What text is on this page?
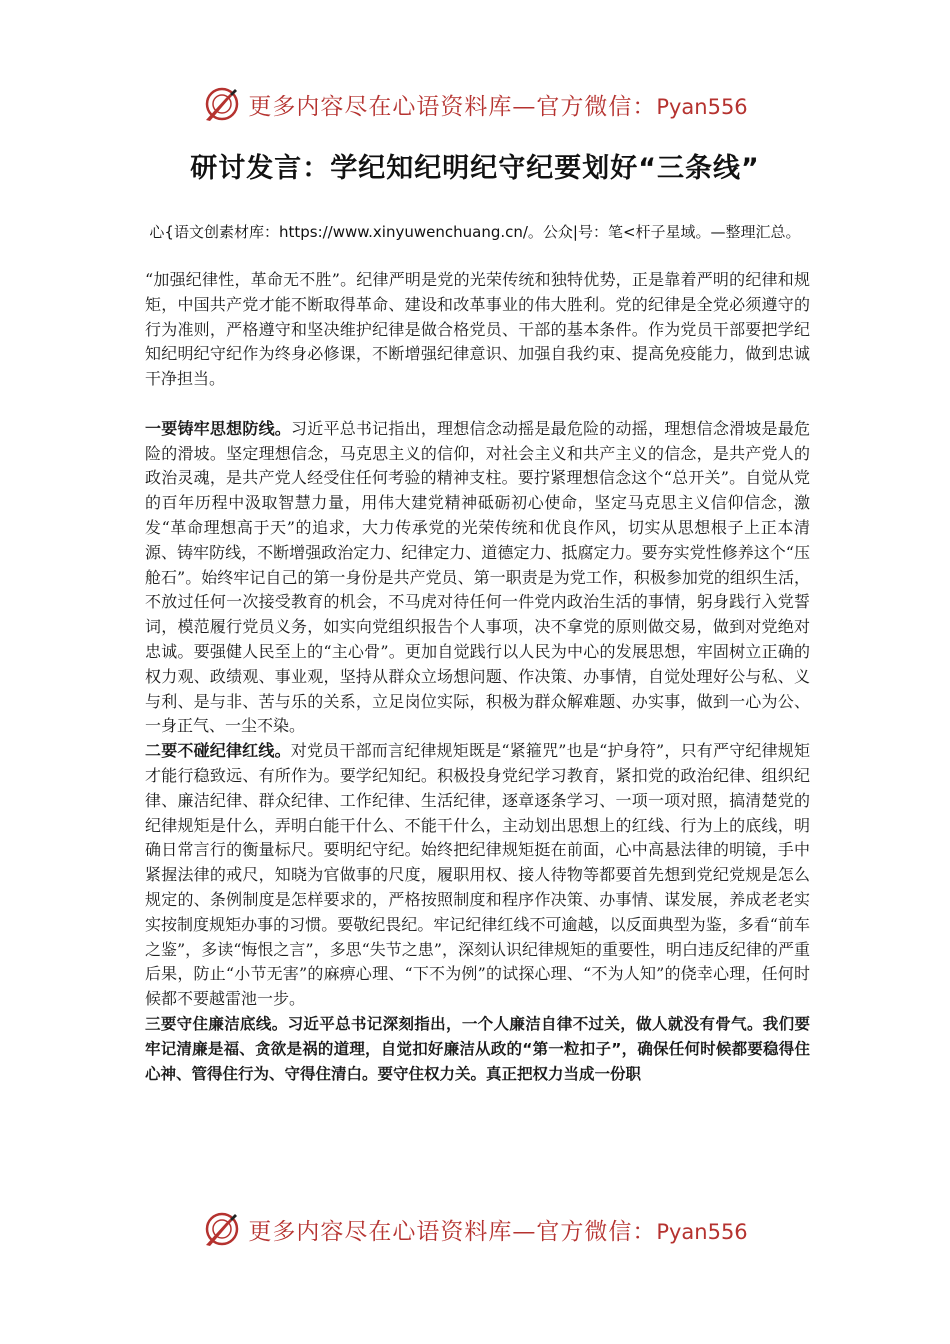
更多内容尽在心语资料库—官方微信：Pyan556
研讨发言：学纪知纪明纪守纪要划好“三条线”
心{语文创素材库：https://www.xinyuwenchuang.cn/。公众|号：笔<杆子星域。—整理汇总。

“加强纪律性，革命无不胜”。纪律严明是党的光荣传统和独特优势，正是靠着严明的纪律和规矩，中国共产党才能不断取得革命、建设和改革事业的伟大胜利。党的纪律是全党必须遵守的行为准则，严格遵守和坚决维护纪律是做合格党员、干部的基本条件。作为党员干部要把学纪知纪明纪守纪作为终身必修课，不断增强纪律意识、加强自我约束、提高免疫能力，做到忠诚干净担当。

一要铸牢思想防线。习近平总书记指出，理想信念动摇是最危险的动摇，理想信念滑坡是最危险的滑坡。坚定理想信念，马克思主义的信仰，对社会主义和共产主义的信念，是共产党人的政治灵魂，是共产党人经受住任何考验的精神支柱。要拧紧理想信念这个“总开关”。自觉从党的百年历程中汲取智慧力量，用伟大建党精神砥砺初心使命，坚定马克思主义信仰信念，激发“革命理想高于天”的追求，大力传承党的光荣传统和优良作风，切实从思想根子上正本清源、铸牢防线，不断增强政治定力、纪律定力、道德定力、抵腐定力。要夯实党性修养这个“压舱石”。始终牢记自己的第一身份是共产党员、第一职责是为党工作，积极参加党的组织生活，不放过任何一次接受教育的机会，不马虎对待任何一件党内政治生活的事情，躬身践行入党誓词，模范履行党员义务，如实向党组织报告个人事项，决不拿党的原则做交易，做到对党绝对忠诚。要强健人民至上的“主心骨”。更加自觉践行以人民为中心的发展思想，牢固树立正确的权力观、政绩观、事业观，坚持从群众立场想问题、作决策、办事情，自觉处理好公与私、义与利、是与非、苦与乐的关系，立足岗位实际，积极为群众解难题、办实事，做到一心为公、一身正气、一尘不染。

二要不碰纪律红线。对党员干部而言纪律规矩既是“紧箍咒”也是“护身符”，只有严守纪律规矩才能行稳致远、有所作为。要学纪知纪。积极投身党纪学习教育，紧扣党的政治纪律、组织纪律、廉洁纪律、群众纪律、工作纪律、生活纪律，逐章逐条学习、一项一项对照，搞清楚党的纪律规矩是什么，弄明白能干什么、不能干什么，主动划出思想上的红线、行为上的底线，明确日常言行的衡量标尺。要明纪守纪。始终把纪律规矩挺在前面，心中高悬法律的明镜，手中紧握法律的戒尺，知晓为官做事的尺度，履职用权、接人待物等都要首先想到党纪党规是怎么规定的、条例制度是怎样要求的，严格按照制度和程序作决策、办事情、谋发展，养成老老实实按制度规矩办事的习惯。要敬纪畏纪。牢记纪律红线不可逾越，以反面典型为鉴，多看“前车之鉴”，多读“悔恨之言”，多思“失节之患”，深刻认识纪律规矩的重要性，明白违反纪律的严重后果，防止“小节无害”的麻痹心理、“下不为例”的试探心理、“不为人知”的侥幸心理，任何时候都不要越雷池一步。

三要守住廉洁底线。习近平总书记深刻指出，一个人廉洁自律不过关，做人就没有骨气。我们要牢记清廉是福、贪欲是祸的道理，自觉扣好廉洁从政的“第一粒扣子”，确保任何时候都要稳得住心神、管得住行为、守得住清白。要守住权力关。真正把权力当成一份职

更多内容尽在心语资料库—官方微信：Pyan556
